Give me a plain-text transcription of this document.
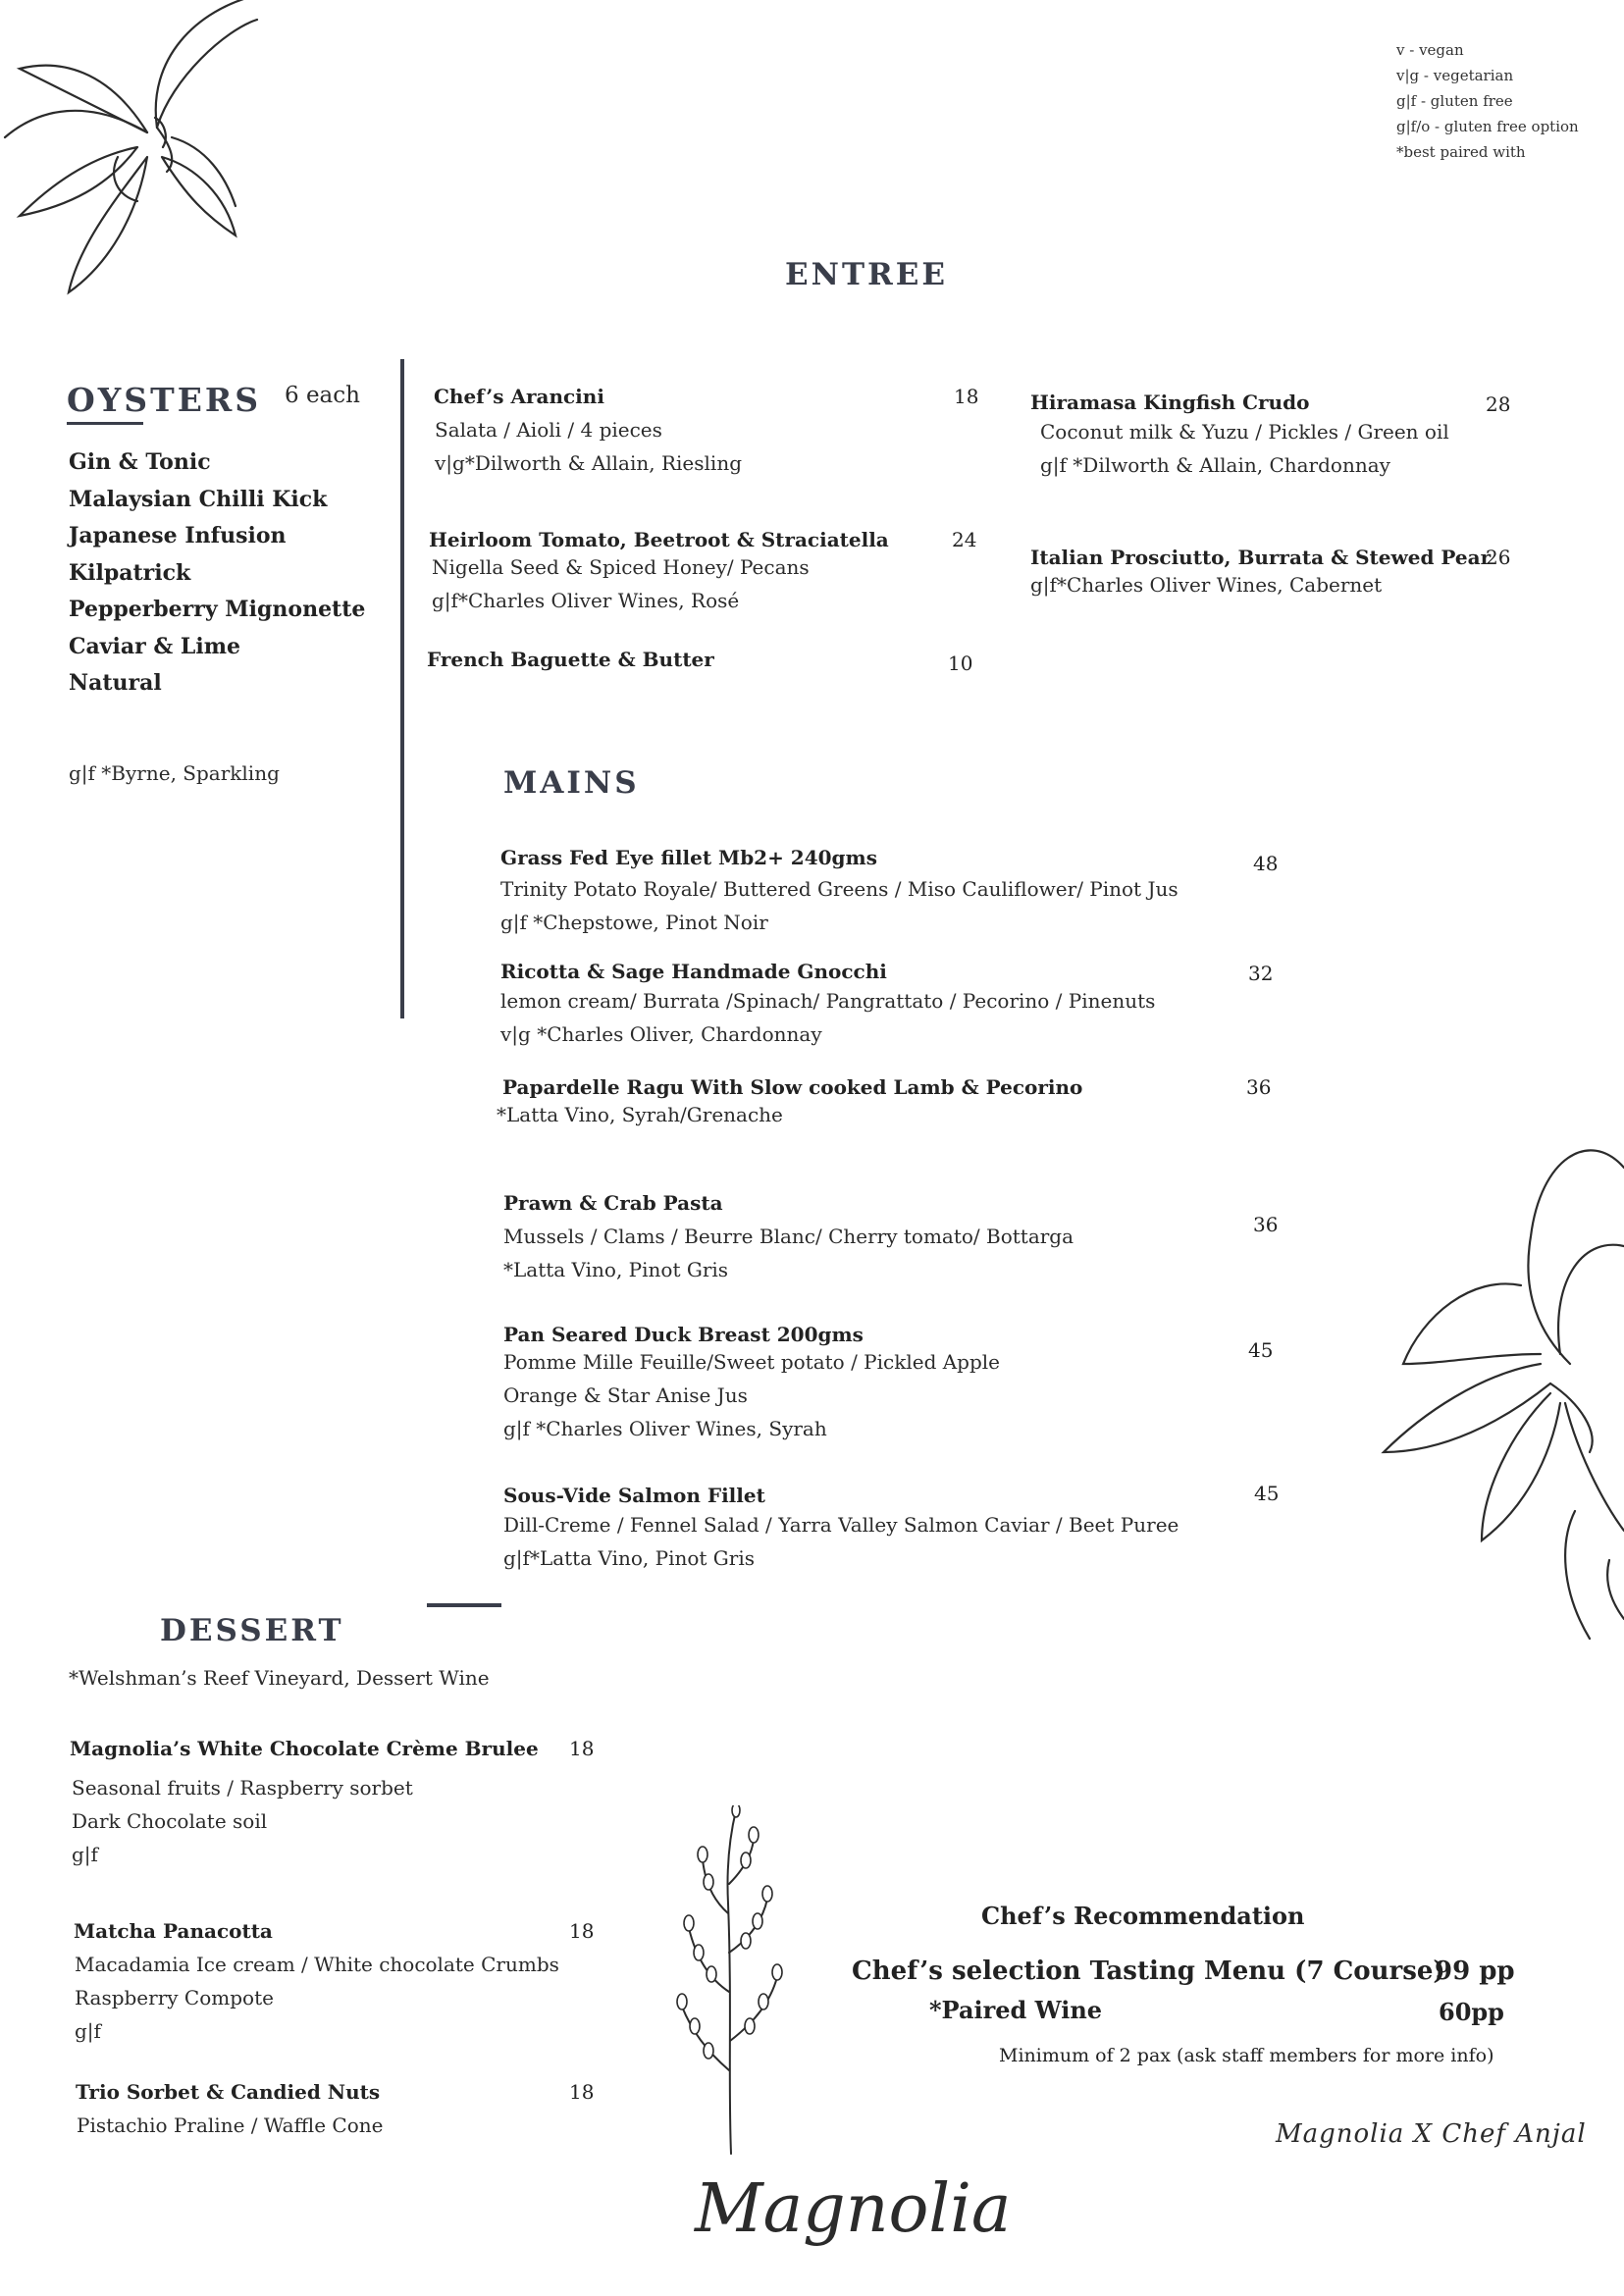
v - vegan
v|g - vegetarian
g|f - gluten free
g|f/o - gluten free option
*best paired with
ENTREE
OYSTERS 6 each
Gin & Tonic
Malaysian Chilli Kick
Japanese Infusion
Kilpatrick
Pepperberry Mignonette
Caviar & Lime
Natural
g|f *Byrne, Sparkling
Chef’s Arancini	18
Salata / Aioli / 4 pieces
v|g*Dilworth & Allain, Riesling
Heirloom Tomato, Beetroot & Straciatella	24
Nigella Seed & Spiced Honey/ Pecans
g|f*Charles Oliver Wines, Rosé
French Baguette & Butter	10
Hiramasa Kingfish Crudo	28
Coconut milk & Yuzu / Pickles / Green oil
g|f *Dilworth & Allain, Chardonnay
Italian Prosciutto, Burrata & Stewed Pear
26
g|f*Charles Oliver Wines, Cabernet
MAINS
Grass Fed Eye fillet Mb2+ 240gms	48
Trinity Potato Royale/ Buttered Greens / Miso Cauliflower/ Pinot Jus
g|f *Chepstowe, Pinot Noir
Ricotta & Sage Handmade Gnocchi	32
lemon cream/ Burrata /Spinach/ Pangrattato / Pecorino / Pinenuts
v|g *Charles Oliver, Chardonnay
Papardelle Ragu With Slow cooked Lamb & Pecorino	36
*Latta Vino, Syrah/Grenache
Prawn & Crab Pasta
36
Mussels / Clams / Beurre Blanc/ Cherry tomato/ Bottarga
*Latta Vino, Pinot Gris
Pan Seared Duck Breast 200gms
45
Pomme Mille Feuille/Sweet potato / Pickled Apple
Orange & Star Anise Jus
g|f *Charles Oliver Wines, Syrah
Sous-Vide Salmon Fillet	45
Dill-Creme / Fennel Salad / Yarra Valley Salmon Caviar / Beet Puree
g|f*Latta Vino, Pinot Gris
DESSERT
*Welshman’s Reef Vineyard, Dessert Wine
Magnolia’s White Chocolate Crème Brulee 18
Seasonal fruits / Raspberry sorbet
Dark Chocolate soil
g|f
Matcha Panacotta	18
Macadamia Ice cream / White chocolate Crumbs
Raspberry Compote
g|f
Trio Sorbet & Candied Nuts	18
Pistachio Praline / Waffle Cone
Chef’s Recommendation
Chef’s selection Tasting Menu (7 Course)
99 pp
*Paired Wine	60pp
Minimum of 2 pax (ask staff members for more info)
Magnolia X Chef Anjal
Magnolia
